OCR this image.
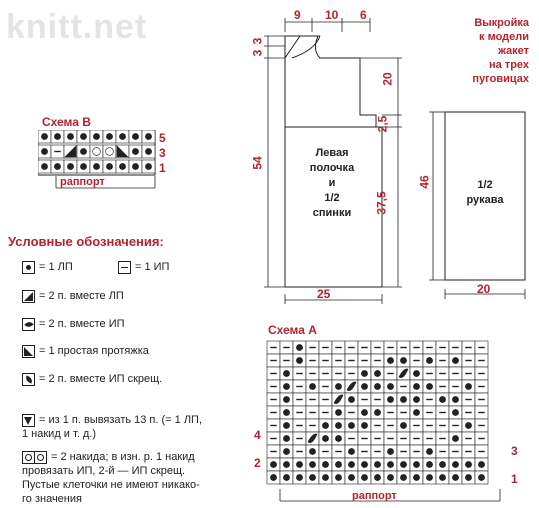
knitt.net	Выкройка
к модели
жакет
на трех
пуговицах
9 10 6
3
3
54
20
2,5
37,5
25
46
20
Левая
полочка
и
1/2
спинки
1/2
рукава
Схема В
5
3
1
раппорт
Условные обозначения:
= 1 ЛП	= 1 ИП
= 2 п. вместе ЛП
= 2 п. вместе ИП
= 1 простая протяжка
= 2 п. вместе ИП скрещ.

= из 1 п. вывязать 13 п. (= 1 ЛП,
1 накид и т. д.)

= 2 накида; в изн. р. 1 накид
провязать ИП, 2-й — ИП скрещ.
Пустые клеточки не имеют никако-
го значения

Схема А
4
2
3
1
раппорт
